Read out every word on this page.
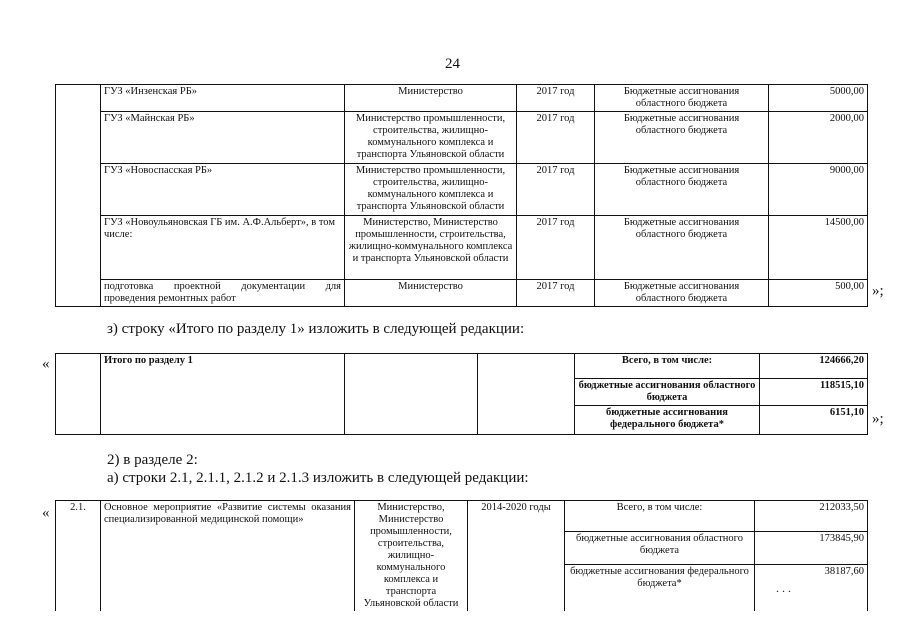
24
	ГУЗ «Инзенская РБ»	Министерство	2017 год	Бюджетные ассигнования областного бюджета	5000,00
	ГУЗ «Майнская РБ»	Министерство промышленности, строительства, жилищно-коммунального комплекса и транспорта Ульяновской области	2017 год	Бюджетные ассигнования областного бюджета	2000,00
	ГУЗ «Новоспасская РБ»	Министерство промышленности, строительства, жилищно-коммунального комплекса и транспорта Ульяновской области	2017 год	Бюджетные ассигнования областного бюджета	9000,00
	ГУЗ «Новоульяновская ГБ им. А.Ф.Альберт», в том числе:	Министерство, Министерство промышленности, строительства, жилищно-коммунального комплекса и транспорта Ульяновской области	2017 год	Бюджетные ассигнования областного бюджета	14500,00
	подготовка проектной документации для проведения ремонтных работ	Министерство	2017 год	Бюджетные ассигнования областного бюджета	500,00 »;
з) строку «Итого по разделу 1» изложить в следующей редакции:
«
		Итого по разделу 1			Всего, в том числе:	124666,20
				бюджетные ассигнования областного бюджета	118515,10
				бюджетные ассигнования федерального бюджета*	6151,10 »;
2) в разделе 2:
а) строки 2.1, 2.1.1, 2.1.2 и 2.1.3 изложить в следующей редакции:
« 2.1.	Основное мероприятие «Развитие системы оказания специализированной медицинской помощи»	Министерство, Министерство промышленности, строительства, жилищно-коммунального комплекса и транспорта Ульяновской области	2014-2020 годы	Всего, в том числе:	212033,50
				бюджетные ассигнования областного бюджета	173845,90
				бюджетные ассигнования федерального бюджета*	38187,60
. . .
